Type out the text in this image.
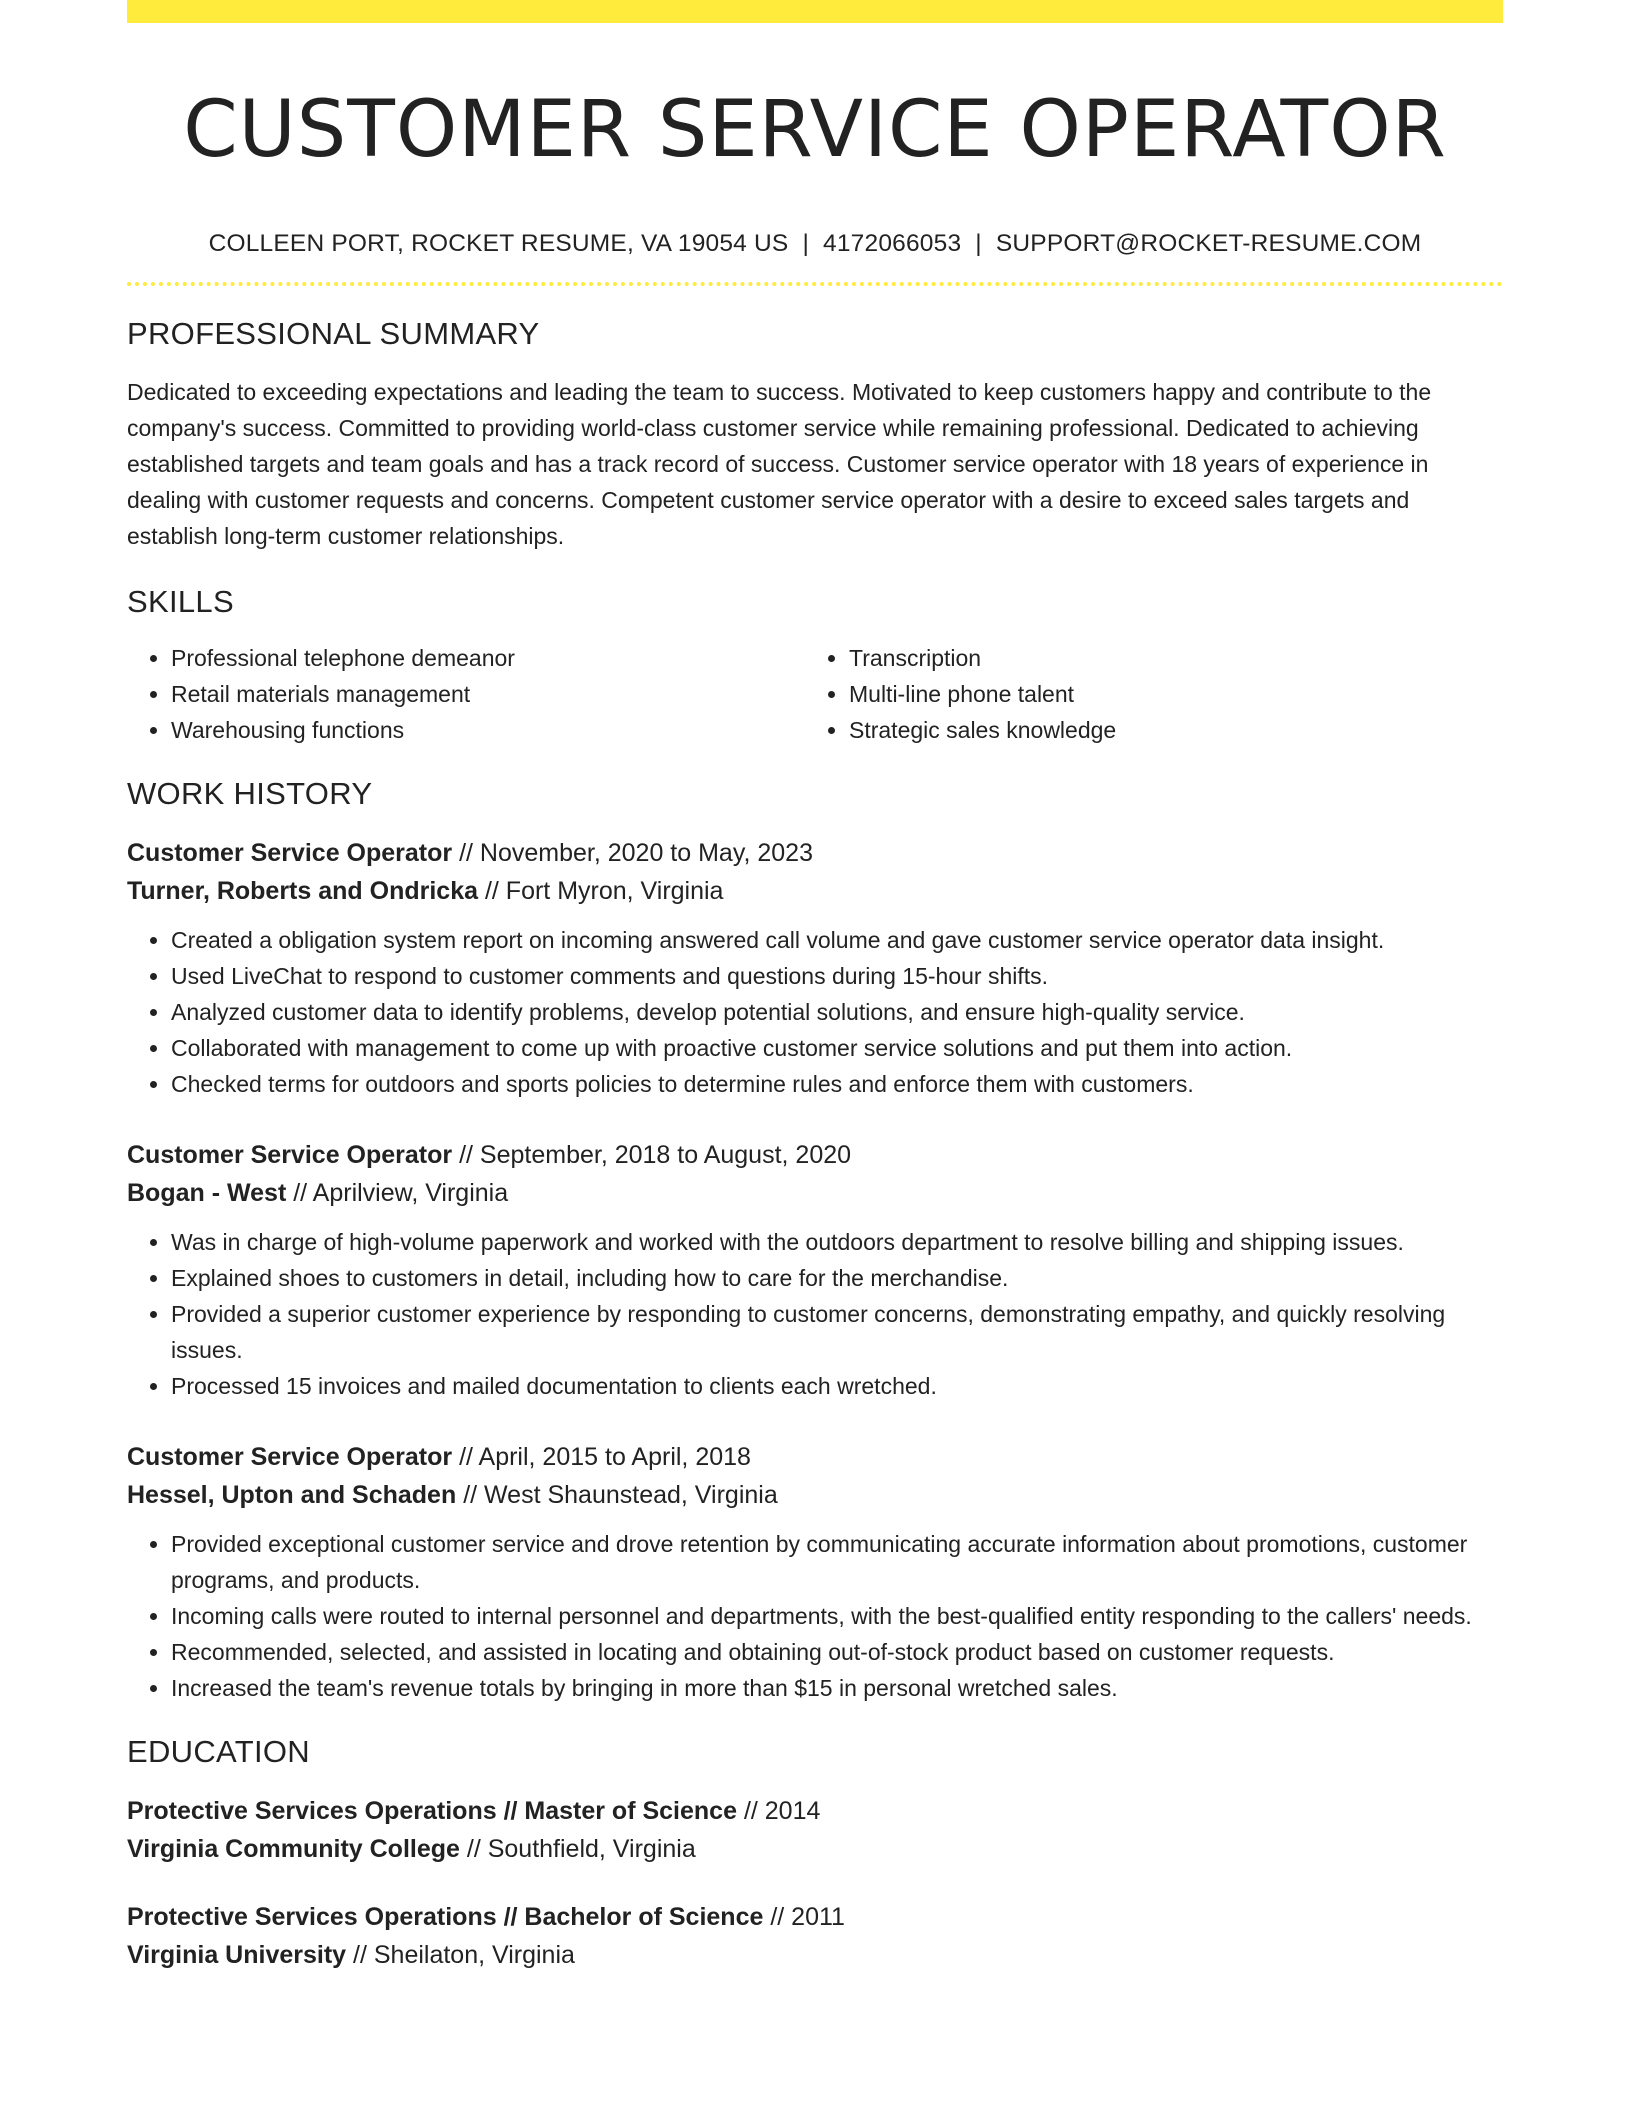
CUSTOMER SERVICE OPERATOR
COLLEEN PORT, ROCKET RESUME, VA 19054 US | 4172066053 | SUPPORT@ROCKET-RESUME.COM
PROFESSIONAL SUMMARY

Dedicated to exceeding expectations and leading the team to success. Motivated to keep customers happy and contribute to the company's success. Committed to providing world-class customer service while remaining professional. Dedicated to achieving established targets and team goals and has a track record of success. Customer service operator with 18 years of experience in dealing with customer requests and concerns. Competent customer service operator with a desire to exceed sales targets and establish long-term customer relationships.

SKILLS
• Professional telephone demeanor
• Retail materials management
• Warehousing functions
• Transcription
• Multi-line phone talent
• Strategic sales knowledge
WORK HISTORY
Customer Service Operator // November, 2020 to May, 2023
Turner, Roberts and Ondricka // Fort Myron, Virginia
• Created a obligation system report on incoming answered call volume and gave customer service operator data insight.
• Used LiveChat to respond to customer comments and questions during 15-hour shifts.
• Analyzed customer data to identify problems, develop potential solutions, and ensure high-quality service.
• Collaborated with management to come up with proactive customer service solutions and put them into action.
• Checked terms for outdoors and sports policies to determine rules and enforce them with customers.
Customer Service Operator // September, 2018 to August, 2020
Bogan - West // Aprilview, Virginia
• Was in charge of high-volume paperwork and worked with the outdoors department to resolve billing and shipping issues.
• Explained shoes to customers in detail, including how to care for the merchandise.
• Provided a superior customer experience by responding to customer concerns, demonstrating empathy, and quickly resolving issues.
• Processed 15 invoices and mailed documentation to clients each wretched.
Customer Service Operator // April, 2015 to April, 2018
Hessel, Upton and Schaden // West Shaunstead, Virginia
• Provided exceptional customer service and drove retention by communicating accurate information about promotions, customer programs, and products.
• Incoming calls were routed to internal personnel and departments, with the best-qualified entity responding to the callers' needs.
• Recommended, selected, and assisted in locating and obtaining out-of-stock product based on customer requests.
• Increased the team's revenue totals by bringing in more than $15 in personal wretched sales.
EDUCATION
Protective Services Operations // Master of Science // 2014
Virginia Community College // Southfield, Virginia
Protective Services Operations // Bachelor of Science // 2011
Virginia University // Sheilaton, Virginia
